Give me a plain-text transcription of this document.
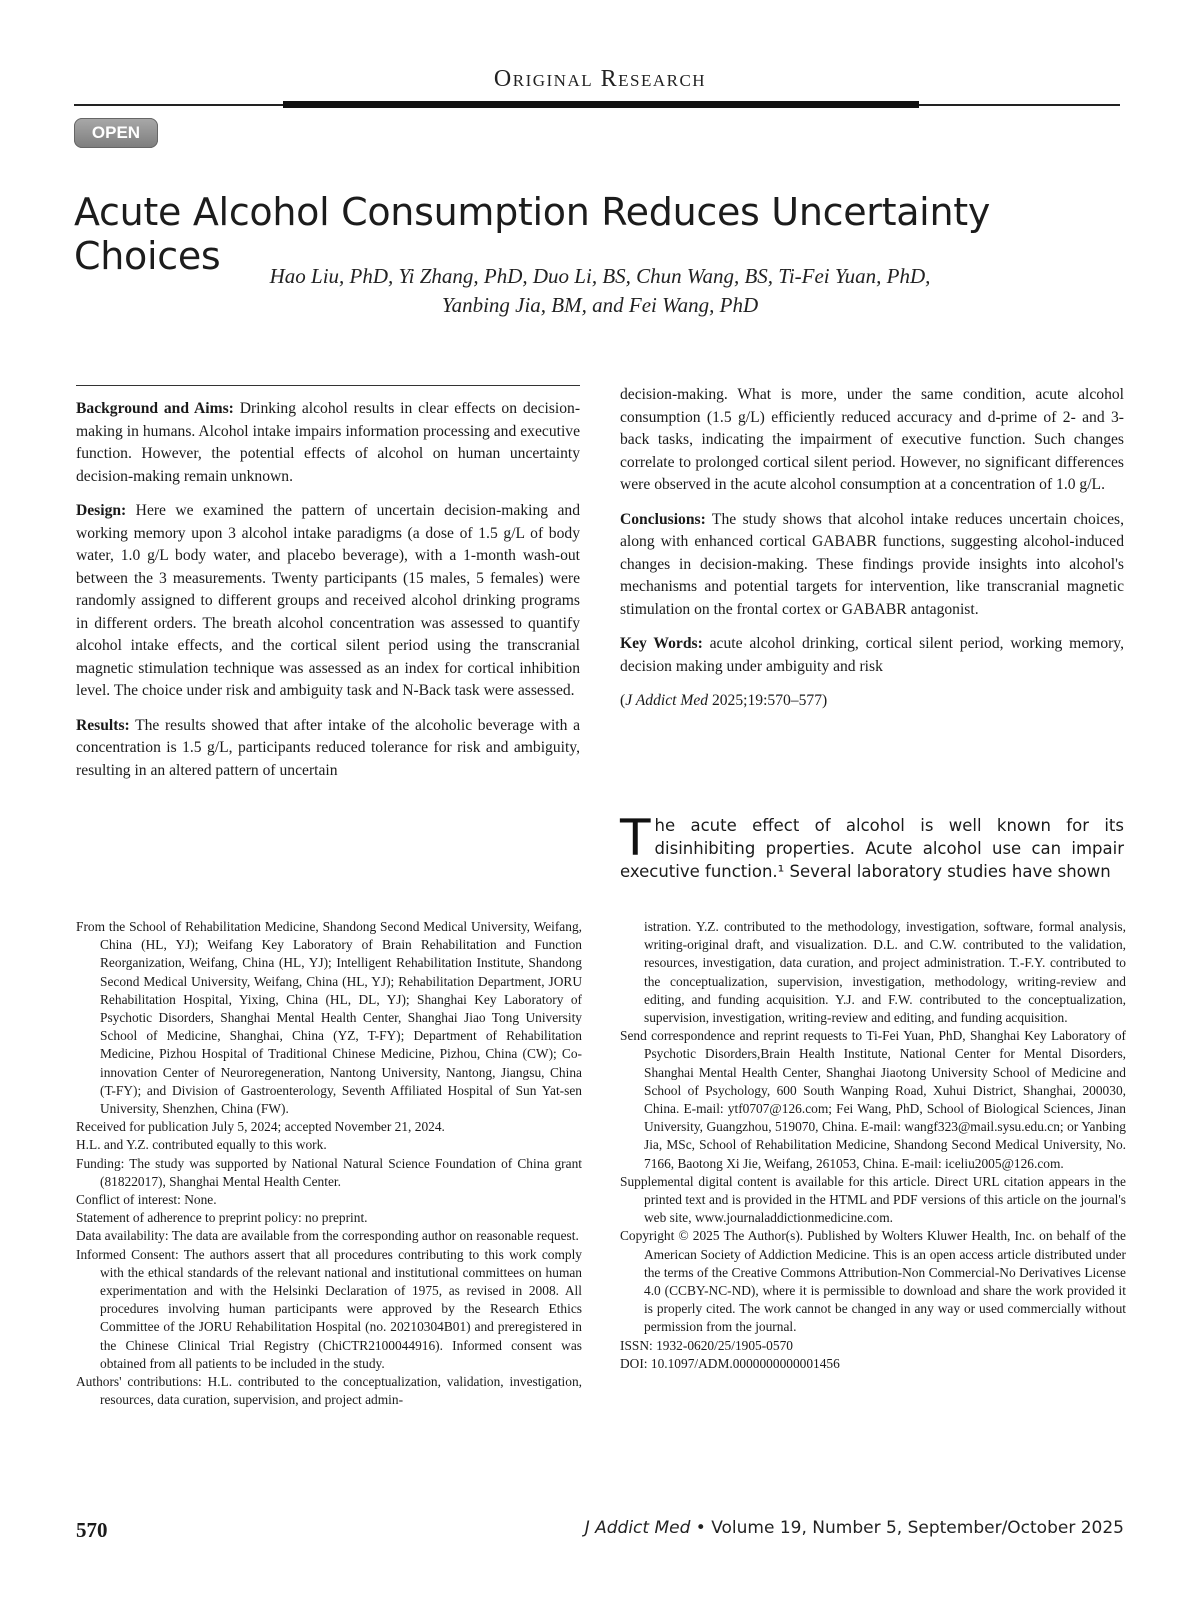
Original Research
OPEN
Acute Alcohol Consumption Reduces Uncertainty Choices	Hao Liu, PhD, Yi Zhang, PhD, Duo Li, BS, Chun Wang, BS, Ti-Fei Yuan, PhD,
Yanbing Jia, BM, and Fei Wang, PhD

Background and Aims: Drinking alcohol results in clear effects on decision-making in humans. Alcohol intake impairs information processing and executive function. However, the potential effects of alcohol on human uncertainty decision-making remain unknown.

Design: Here we examined the pattern of uncertain decision-making and working memory upon 3 alcohol intake paradigms (a dose of 1.5 g/L of body water, 1.0 g/L body water, and placebo beverage), with a 1-month wash-out between the 3 measurements. Twenty participants (15 males, 5 females) were randomly assigned to different groups and received alcohol drinking programs in different orders. The breath alcohol concentration was assessed to quantify alcohol intake effects, and the cortical silent period using the transcranial magnetic stimulation technique was assessed as an index for cortical inhibition level. The choice under risk and ambiguity task and N-Back task were assessed.

Results: The results showed that after intake of the alcoholic beverage with a concentration is 1.5 g/L, participants reduced tolerance for risk and ambiguity, resulting in an altered pattern of uncertain

decision-making. What is more, under the same condition, acute alcohol consumption (1.5 g/L) efficiently reduced accuracy and d-prime of 2- and 3-back tasks, indicating the impairment of executive function. Such changes correlate to prolonged cortical silent period. However, no significant differences were observed in the acute alcohol consumption at a concentration of 1.0 g/L.

Conclusions: The study shows that alcohol intake reduces uncertain choices, along with enhanced cortical GABABR functions, suggesting alcohol-induced changes in decision-making. These findings provide insights into alcohol's mechanisms and potential targets for intervention, like transcranial magnetic stimulation on the frontal cortex or GABABR antagonist.

Key Words: acute alcohol drinking, cortical silent period, working memory, decision making under ambiguity and risk

(J Addict Med 2025;19:570–577)

The acute effect of alcohol is well known for its disinhibiting properties. Acute alcohol use can impair executive function.¹ Several laboratory studies have shown

From the School of Rehabilitation Medicine, Shandong Second Medical University, Weifang, China (HL, YJ); Weifang Key Laboratory of Brain Rehabilitation and Function Reorganization, Weifang, China (HL, YJ); Intelligent Rehabilitation Institute, Shandong Second Medical University, Weifang, China (HL, YJ); Rehabilitation Department, JORU Rehabilitation Hospital, Yixing, China (HL, DL, YJ); Shanghai Key Laboratory of Psychotic Disorders, Shanghai Mental Health Center, Shanghai Jiao Tong University School of Medicine, Shanghai, China (YZ, T-FY); Department of Rehabilitation Medicine, Pizhou Hospital of Traditional Chinese Medicine, Pizhou, China (CW); Co-innovation Center of Neuroregeneration, Nantong University, Nantong, Jiangsu, China (T-FY); and Division of Gastroenterology, Seventh Affiliated Hospital of Sun Yat-sen University, Shenzhen, China (FW).

Received for publication July 5, 2024; accepted November 21, 2024.

H.L. and Y.Z. contributed equally to this work.

Funding: The study was supported by National Natural Science Foundation of China grant (81822017), Shanghai Mental Health Center.

Conflict of interest: None.

Statement of adherence to preprint policy: no preprint.

Data availability: The data are available from the corresponding author on reasonable request.

Informed Consent: The authors assert that all procedures contributing to this work comply with the ethical standards of the relevant national and institutional committees on human experimentation and with the Helsinki Declaration of 1975, as revised in 2008. All procedures involving human participants were approved by the Research Ethics Committee of the JORU Rehabilitation Hospital (no. 20210304B01) and preregistered in the Chinese Clinical Trial Registry (ChiCTR2100044916). Informed consent was obtained from all patients to be included in the study.

Authors' contributions: H.L. contributed to the conceptualization, validation, investigation, resources, data curation, supervision, and project admin-

istration. Y.Z. contributed to the methodology, investigation, software, formal analysis, writing-original draft, and visualization. D.L. and C.W. contributed to the validation, resources, investigation, data curation, and project administration. T.-F.Y. contributed to the conceptualization, supervision, investigation, methodology, writing-review and editing, and funding acquisition. Y.J. and F.W. contributed to the conceptualization, supervision, investigation, writing-review and editing, and funding acquisition.

Send correspondence and reprint requests to Ti-Fei Yuan, PhD, Shanghai Key Laboratory of Psychotic Disorders,Brain Health Institute, National Center for Mental Disorders, Shanghai Mental Health Center, Shanghai Jiaotong University School of Medicine and School of Psychology, 600 South Wanping Road, Xuhui District, Shanghai, 200030, China. E-mail: ytf0707@126.com; Fei Wang, PhD, School of Biological Sciences, Jinan University, Guangzhou, 519070, China. E-mail: wangf323@mail.sysu.edu.cn; or Yanbing Jia, MSc, School of Rehabilitation Medicine, Shandong Second Medical University, No. 7166, Baotong Xi Jie, Weifang, 261053, China. E-mail: iceliu2005@126.com.

Supplemental digital content is available for this article. Direct URL citation appears in the printed text and is provided in the HTML and PDF versions of this article on the journal's web site, www.journaladdictionmedicine.com.

Copyright © 2025 The Author(s). Published by Wolters Kluwer Health, Inc. on behalf of the American Society of Addiction Medicine. This is an open access article distributed under the terms of the Creative Commons Attribution-Non Commercial-No Derivatives License 4.0 (CCBY-NC-ND), where it is permissible to download and share the work provided it is properly cited. The work cannot be changed in any way or used commercially without permission from the journal.

ISSN: 1932-0620/25/1905-0570

DOI: 10.1097/ADM.0000000000001456

570	J Addict Med • Volume 19, Number 5, September/October 2025
